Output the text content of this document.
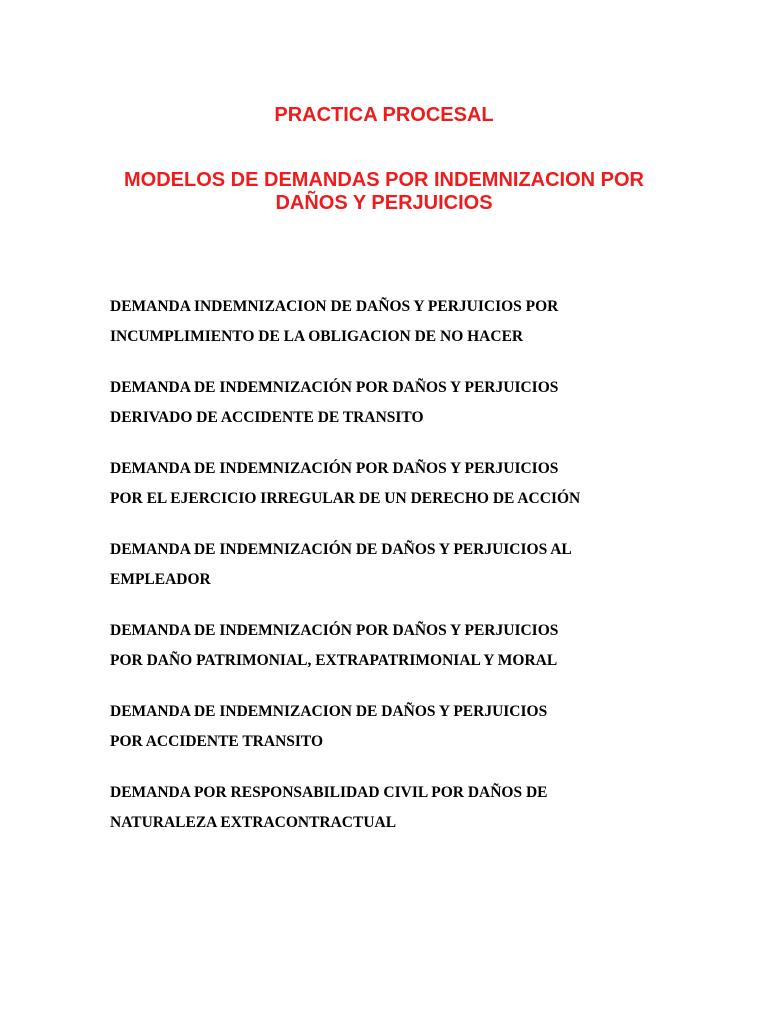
PRACTICA PROCESAL
MODELOS DE DEMANDAS POR INDEMNIZACION POR
DAÑOS Y PERJUICIOS

DEMANDA INDEMNIZACION DE DAÑOS Y PERJUICIOS POR
INCUMPLIMIENTO DE LA OBLIGACION DE NO HACER

DEMANDA DE INDEMNIZACIÓN POR DAÑOS Y PERJUICIOS
DERIVADO DE ACCIDENTE DE TRANSITO

DEMANDA DE INDEMNIZACIÓN POR DAÑOS Y PERJUICIOS
POR EL EJERCICIO IRREGULAR DE UN DERECHO DE ACCIÓN

DEMANDA DE INDEMNIZACIÓN DE DAÑOS Y PERJUICIOS AL
EMPLEADOR

DEMANDA DE INDEMNIZACIÓN POR DAÑOS Y PERJUICIOS
POR DAÑO PATRIMONIAL, EXTRAPATRIMONIAL Y MORAL

DEMANDA DE INDEMNIZACION DE DAÑOS Y PERJUICIOS
POR ACCIDENTE TRANSITO

DEMANDA POR RESPONSABILIDAD CIVIL POR DAÑOS DE
NATURALEZA EXTRACONTRACTUAL
